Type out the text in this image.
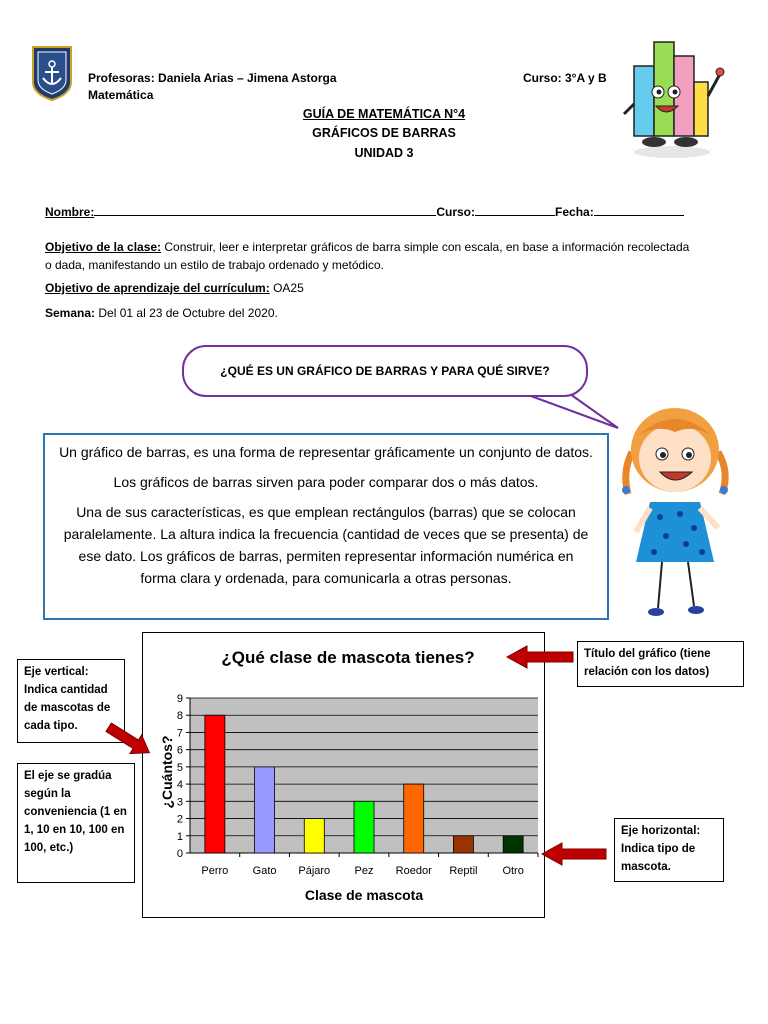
Profesoras: Daniela Arias – Jimena Astorga
Matemática
Curso: 3°A y B
GUÍA DE MATEMÁTICA N°4
GRÁFICOS DE BARRAS
UNIDAD 3
Nombre:	Curso:	Fecha:
Objetivo de la clase: Construir, leer e interpretar gráficos de barra simple con escala, en base a información recolectada
o dada, manifestando un estilo de trabajo ordenado y metódico.
Objetivo de aprendizaje del currículum: OA25
Semana: Del 01 al 23 de Octubre del 2020.
¿QUÉ ES UN GRÁFICO DE BARRAS Y PARA QUÉ SIRVE?

Un gráfico de barras, es una forma de representar gráficamente un conjunto de datos.

Los gráficos de barras sirven para poder comparar dos o más datos.

Una de sus características, es que emplean rectángulos (barras) que se colocan paralelamente. La altura indica la frecuencia (cantidad de veces que se presenta) de ese dato. Los gráficos de barras, permiten representar información numérica en forma clara y ordenada, para comunicarla a otras personas.

¿Qué clase de mascota tienes?
Clase de mascota
¿Cuántos?
0
1
2
3
4
5
6
7
8
9
Perro Gato Pájaro Pez Roedor Reptil Otro
Eje vertical: Indica cantidad de mascotas de cada tipo.
El eje se gradúa según la conveniencia (1 en 1, 10 en 10, 100 en 100, etc.)
Título del gráfico (tiene relación con los datos)
Eje horizontal: Indica tipo de mascota.
